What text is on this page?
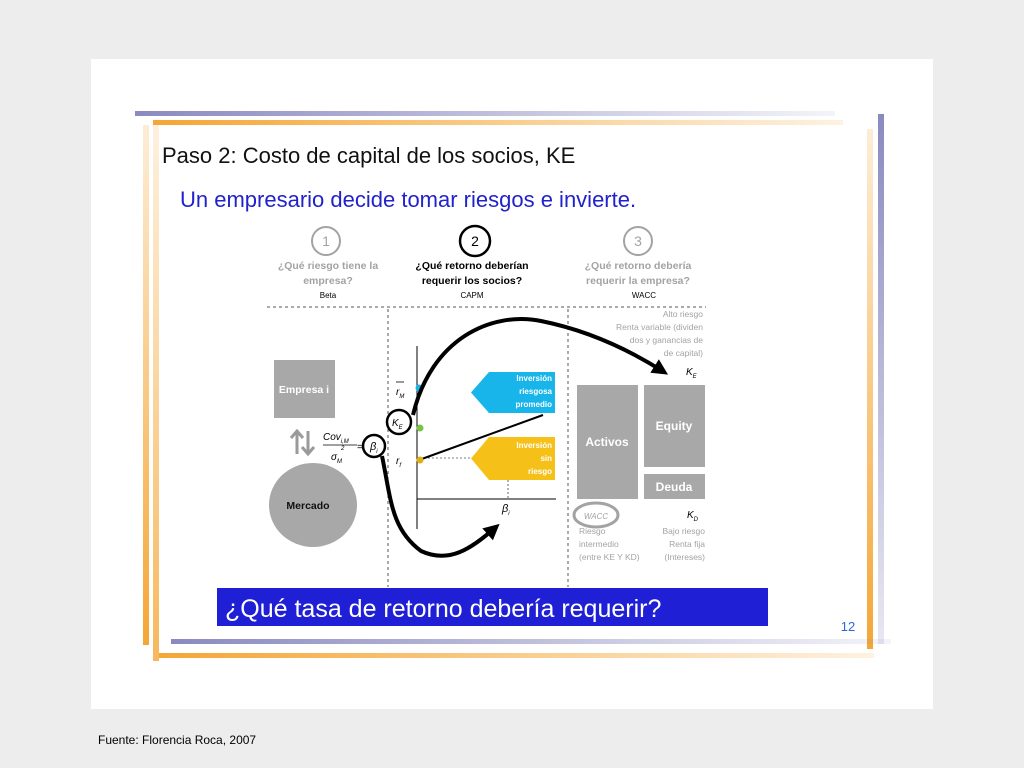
Paso 2: Costo de capital de los socios, KE
Un empresario decide tomar riesgos e invierte.
1	2	3
¿Qué riesgo tiene la
empresa?
Beta
¿Qué retorno deberían
requerir los socios?
CAPM
¿Qué retorno debería
requerir la empresa?
WACC
Empresa i
Mercado
Cov$_{i,M}$
$\sigma_M$
$2 = \beta_i$
$r_M$
$K_E$
$r_f$
$\beta_i$
Inversión
riesgosa
promedio
Inversión
sin
riesgo
Alto riesgo
Renta variable (dividen
dos y ganancias de
de capital)
$K_E$
Activos
Equity
Deuda
WACC	$K_D$
Riesgo
intermedio
(entre KE Y KD)
Bajo riesgo
Renta fija
(Intereses)
¿Qué tasa de retorno debería requerir?
12
Fuente: Florencia Roca, 2007
